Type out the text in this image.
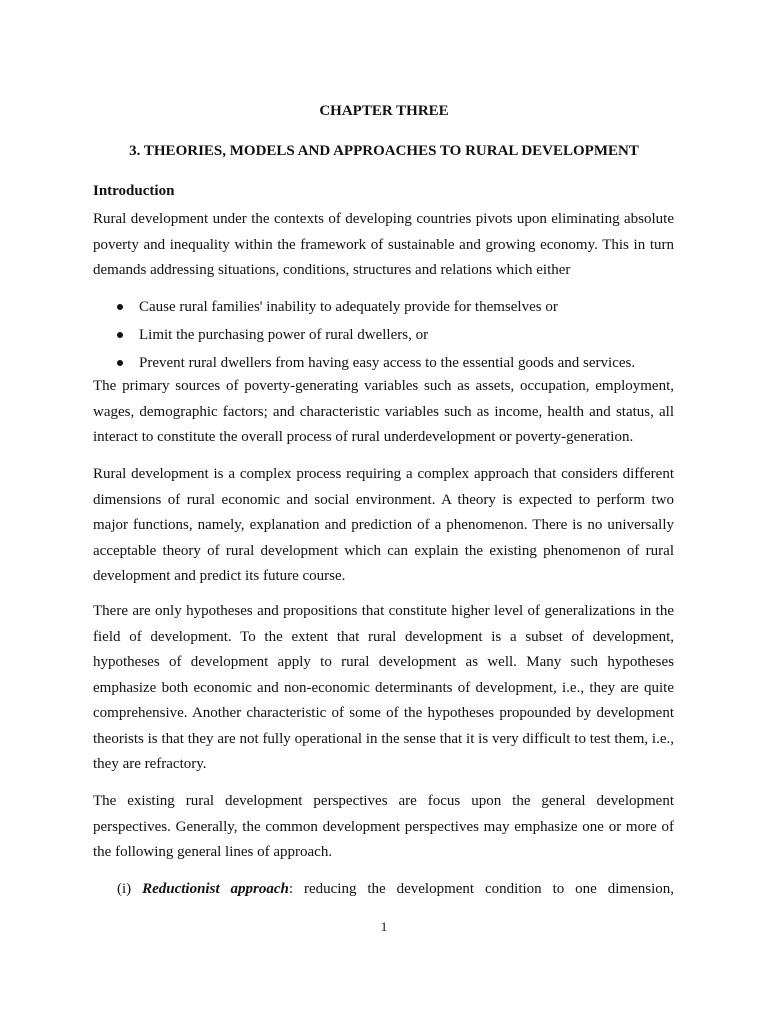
CHAPTER THREE
3. THEORIES, MODELS AND APPROACHES TO RURAL DEVELOPMENT
Introduction

Rural development under the contexts of developing countries pivots upon eliminating absolute poverty and inequality within the framework of sustainable and growing economy. This in turn demands addressing situations, conditions, structures and relations which either

Cause rural families' inability to adequately provide for themselves or
Limit the purchasing power of rural dwellers, or
Prevent rural dwellers from having easy access to the essential goods and services.

The primary sources of poverty-generating variables such as assets, occupation, employment, wages, demographic factors; and characteristic variables such as income, health and status, all interact to constitute the overall process of rural underdevelopment or poverty-generation.

Rural development is a complex process requiring a complex approach that considers different dimensions of rural economic and social environment. A theory is expected to perform two major functions, namely, explanation and prediction of a phenomenon. There is no universally acceptable theory of rural development which can explain the existing phenomenon of rural development and predict its future course.

There are only hypotheses and propositions that constitute higher level of generalizations in the field of development. To the extent that rural development is a subset of development, hypotheses of development apply to rural development as well. Many such hypotheses emphasize both economic and non-economic determinants of development, i.e., they are quite comprehensive. Another characteristic of some of the hypotheses propounded by development theorists is that they are not fully operational in the sense that it is very difficult to test them, i.e., they are refractory.

The existing rural development perspectives are focus upon the general development perspectives. Generally, the common development perspectives may emphasize one or more of the following general lines of approach.

(i) Reductionist approach: reducing the development condition to one dimension,
1
